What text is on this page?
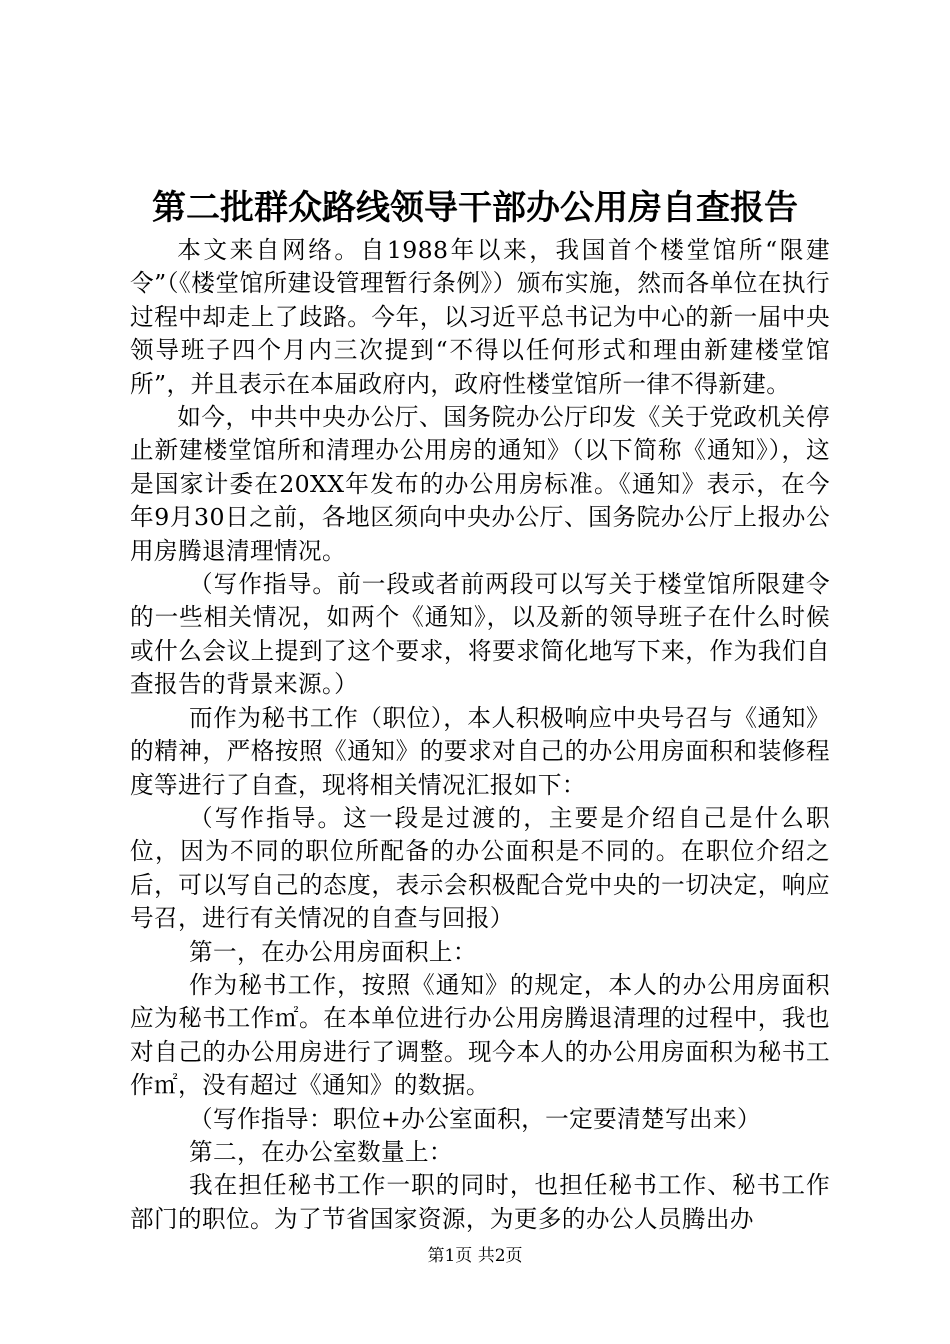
第二批群众路线领导干部办公用房自查报告

本文来自网络。自1988年以来，我国首个楼堂馆所“限建令”（《楼堂馆所建设管理暂行条例》）颁布实施，然而各单位在执行过程中却走上了歧路。今年，以习近平总书记为中心的新一届中央领导班子四个月内三次提到“不得以任何形式和理由新建楼堂馆所”，并且表示在本届政府内，政府性楼堂馆所一律不得新建。

如今，中共中央办公厅、国务院办公厅印发《关于党政机关停止新建楼堂馆所和清理办公用房的通知》（以下简称《通知》），这是国家计委在20XX年发布的办公用房标准。《通知》表示，在今年9月30日之前，各地区须向中央办公厅、国务院办公厅上报办公用房腾退清理情况。

（写作指导。前一段或者前两段可以写关于楼堂馆所限建令的一些相关情况，如两个《通知》，以及新的领导班子在什么时候或什么会议上提到了这个要求，将要求简化地写下来，作为我们自查报告的背景来源。）

而作为秘书工作（职位），本人积极响应中央号召与《通知》的精神，严格按照《通知》的要求对自己的办公用房面积和装修程度等进行了自查，现将相关情况汇报如下：

（写作指导。这一段是过渡的，主要是介绍自己是什么职位，因为不同的职位所配备的办公面积是不同的。在职位介绍之后，可以写自己的态度，表示会积极配合党中央的一切决定，响应号召，进行有关情况的自查与回报）

第一，在办公用房面积上：

作为秘书工作，按照《通知》的规定，本人的办公用房面积应为秘书工作㎡。在本单位进行办公用房腾退清理的过程中，我也对自己的办公用房进行了调整。现今本人的办公用房面积为秘书工作㎡，没有超过《通知》的数据。

（写作指导：职位+办公室面积，一定要清楚写出来）

第二，在办公室数量上：

我在担任秘书工作一职的同时，也担任秘书工作、秘书工作部门的职位。为了节省国家资源，为更多的办公人员腾出办

第1页 共2页
